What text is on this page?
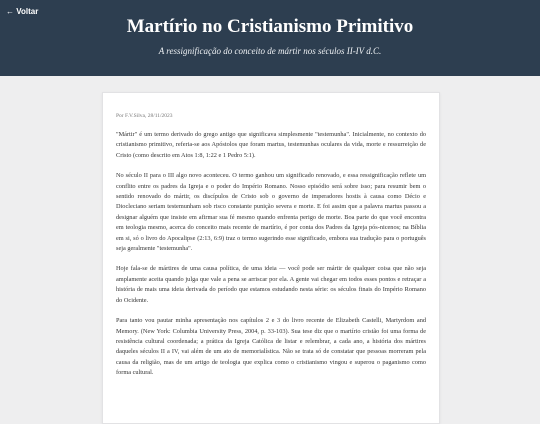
← Voltar
Martírio no Cristianismo Primitivo
A ressignificação do conceito de mártir nos séculos II-IV d.C.
Por F.V.Silva, 28/11/2023

"Mártir" é um termo derivado do grego antigo que significava simplesmente "testemunha". Inicialmente, no contexto do cristianismo primitivo, referia-se aos Apóstolos que foram martus, testemunhas oculares da vida, morte e ressurreição de Cristo (como descrito em Atos 1:8, 1:22 e 1 Pedro 5:1).

No século II para o III algo novo aconteceu. O termo ganhou um significado renovado, e essa ressignificação reflete um conflito entre os padres da Igreja e o poder do Império Romano. Nosso episódio será sobre isso; para resumir bem o sentido renovado do mártir, os discípulos de Cristo sob o governo de imperadores hostis à causa como Décio e Diocleciano seriam testemunham sob risco constante punição severa e morte. E foi assim que a palavra martus passou a designar alguém que insiste em afirmar sua fé mesmo quando enfrenta perigo de morte. Boa parte do que você encontra em teologia mesmo, acerca do conceito mais recente de martírio, é por conta dos Padres da Igreja pós-nicenos; na Bíblia em si, só o livro do Apocalipse (2:13, 6:9) traz o termo sugerindo esse significado, embora sua tradução para o português seja geralmente "testemunha".

Hoje fala-se de mártires de uma causa política, de uma ideia — você pode ser mártir de qualquer coisa que não seja amplamente aceita quando julga que vale a pena se arriscar por ela. A gente vai chegar em todos esses pontos e retraçar a história de mais uma ideia derivada do período que estamos estudando nesta série: os séculos finais do Império Romano do Ocidente.

Para tanto vou pautar minha apresentação nos capítulos 2 e 3 do livro recente de Elizabeth Castelli, Martyrdom and Memory. (New York: Columbia University Press, 2004, p. 33-103). Sua tese diz que o martírio cristão foi uma forma de resistência cultural coordenada; a prática da Igreja Católica de listar e relembrar, a cada ano, a história dos mártires daqueles séculos II a IV, vai além de um ato de memorialística. Não se trata só de constatar que pessoas morreram pela causa da religião, mas de um artigo de teologia que explica como o cristianismo vingou e superou o paganismo como forma cultural.
